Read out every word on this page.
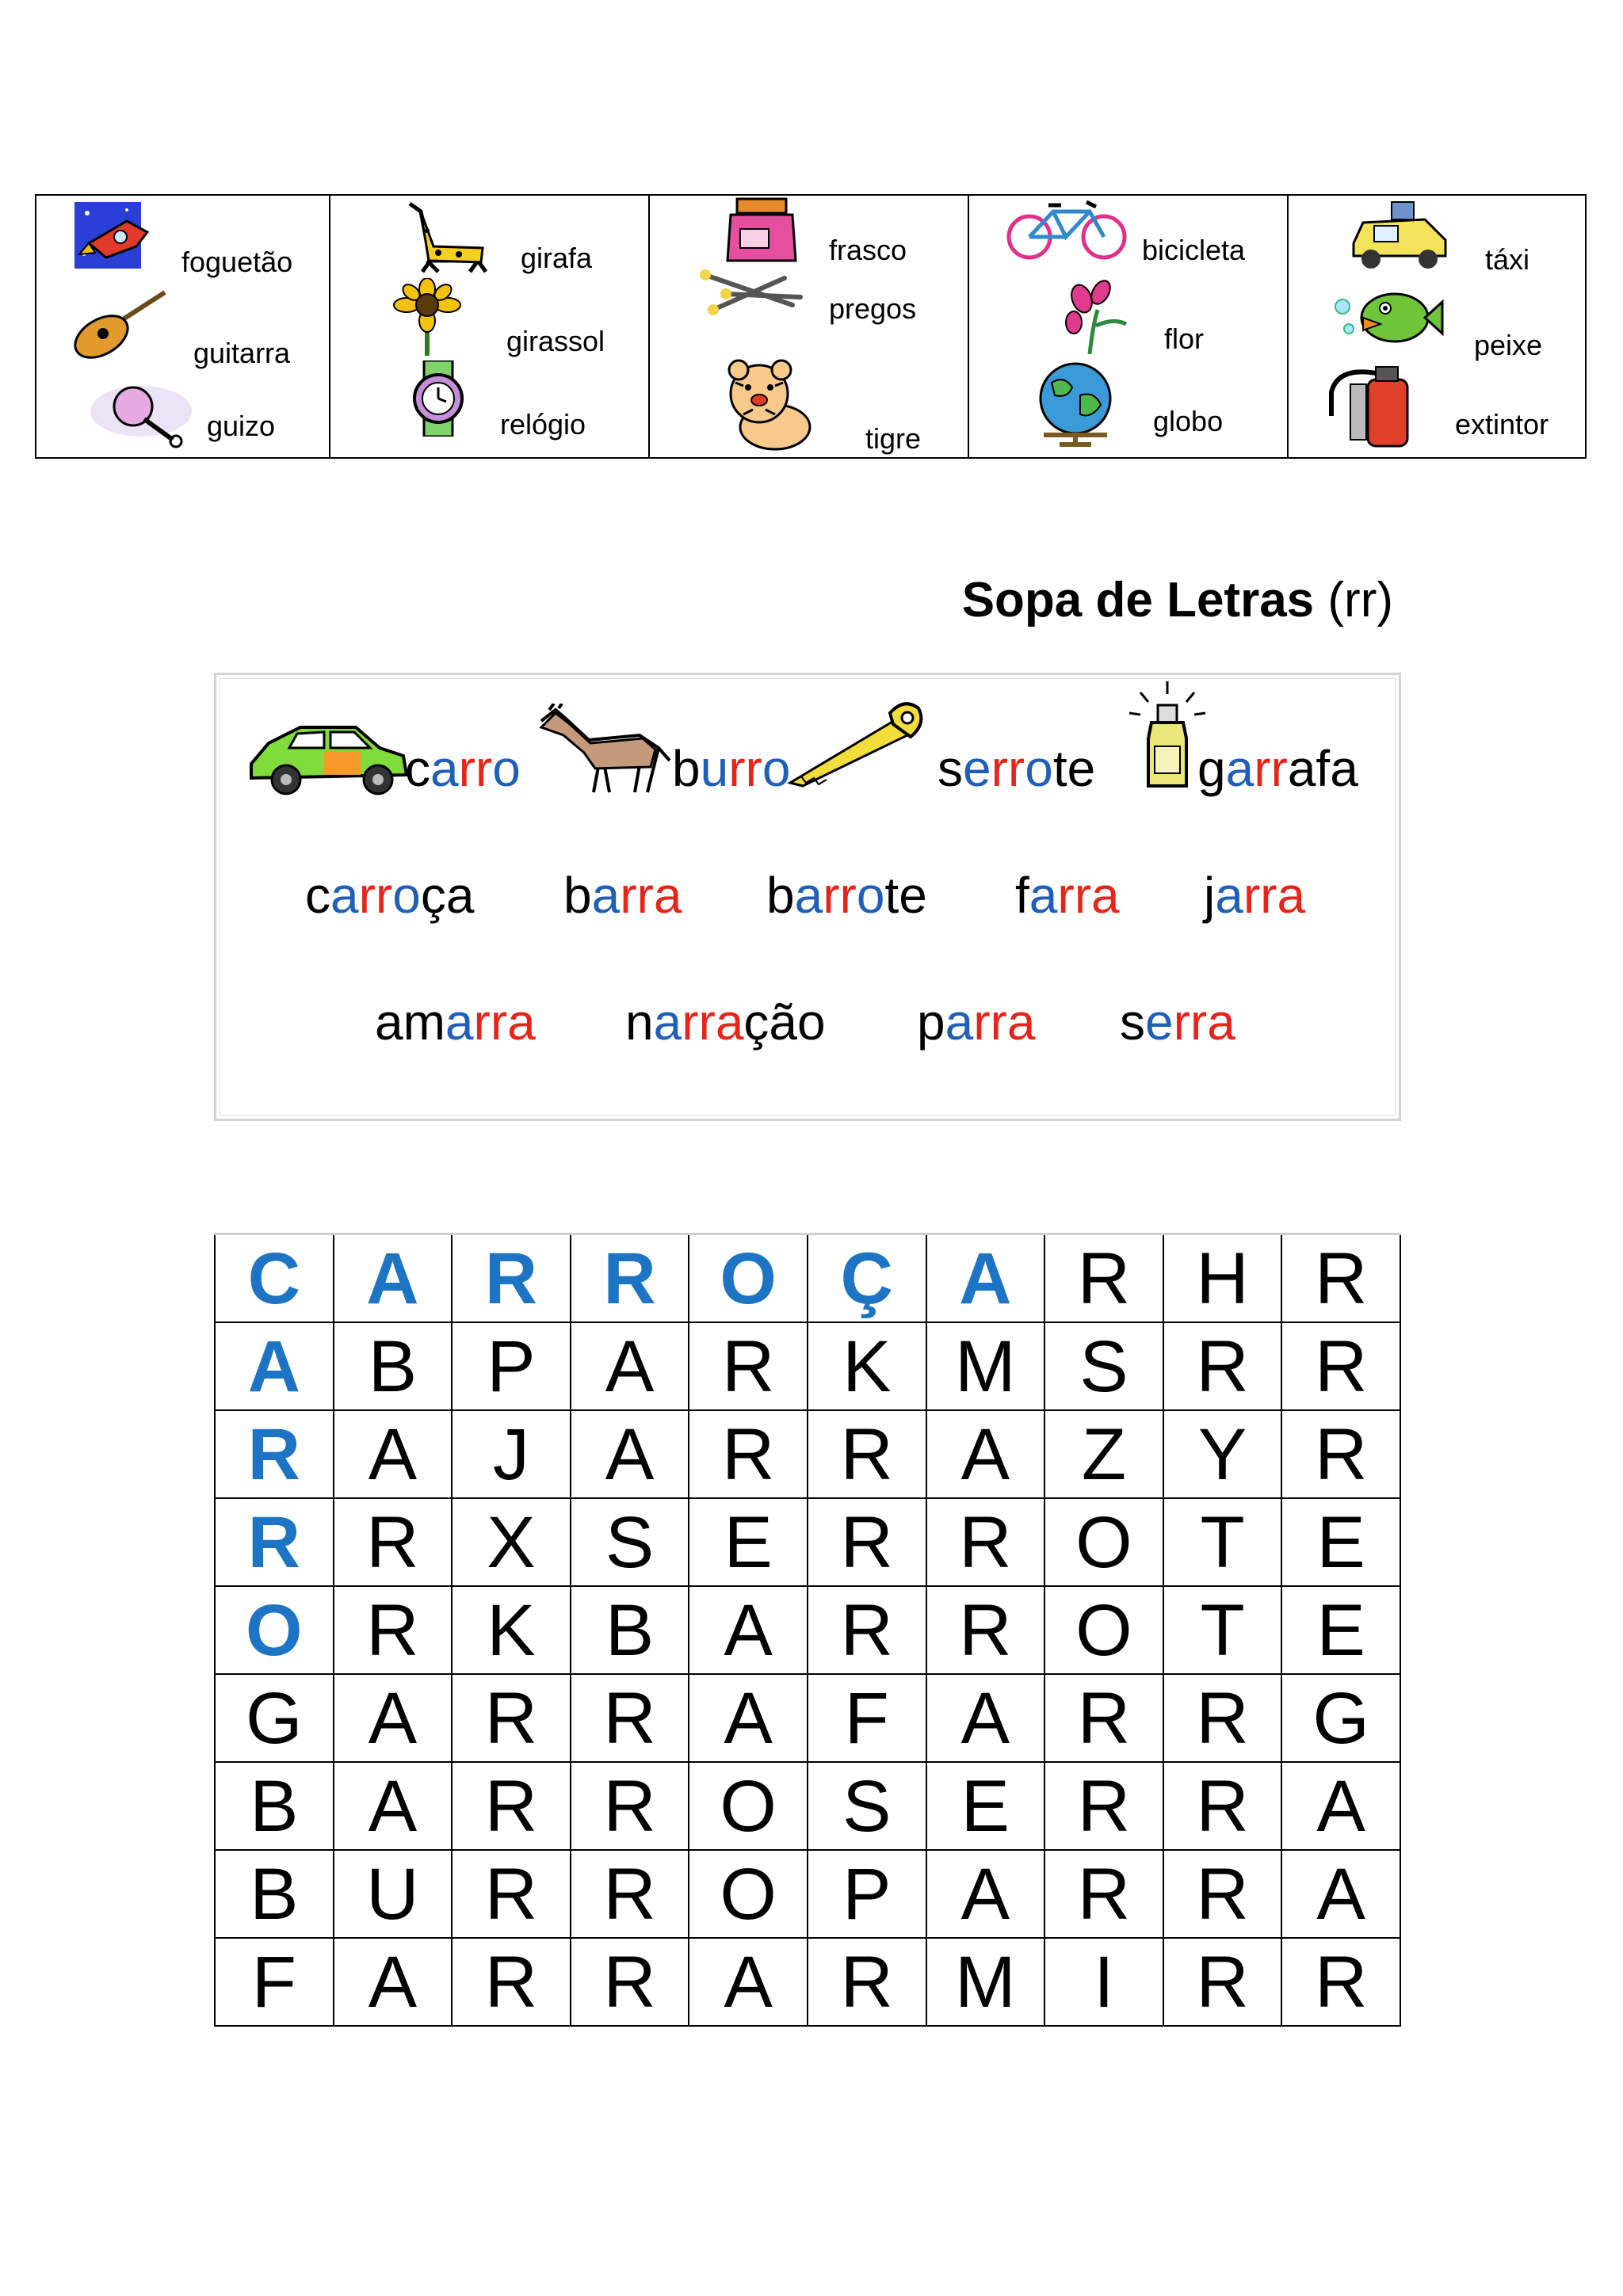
foguetão
guitarra
guizo
girafa
girassol
relógio
frasco
pregos
tigre
bicicleta
flor
globo
táxi
peixe
extintor
Sopa de Letras (rr)
carro	burro	serrote garrafa
carroça barra barrote farra jarra
amarra narração parra serra
C	A	R	R	O	Ç	A	R	H	R
A	B	P	A	R	K	M	S	R	R
R	A	J	A	R	R	A	Z	Y	R
R	R	X	S	E	R	R	O	T	E
O	R	K	B	A	R	R	O	T	E
G	A	R	R	A	F	A	R	R	G
B	A	R	R	O	S	E	R	R	A
B	U	R	R	O	P	A	R	R	A
F	A	R	R	A	R	M	I	R	R
